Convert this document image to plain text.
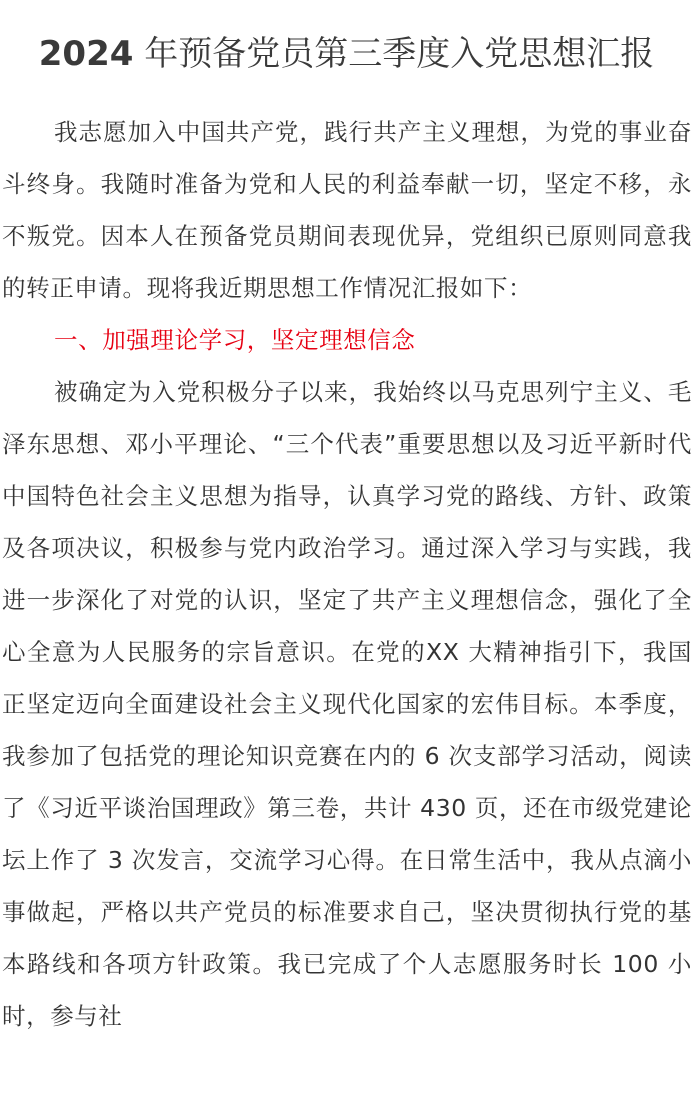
2024 年预备党员第三季度入党思想汇报

我志愿加入中国共产党，践行共产主义理想，为党的事业奋斗终身。我随时准备为党和人民的利益奉献一切，坚定不移，永不叛党。因本人在预备党员期间表现优异，党组织已原则同意我的转正申请。现将我近期思想工作情况汇报如下：

一、加强理论学习，坚定理想信念

被确定为入党积极分子以来，我始终以马克思列宁主义、毛泽东思想、邓小平理论、“三个代表”重要思想以及习近平新时代中国特色社会主义思想为指导，认真学习党的路线、方针、政策及各项决议，积极参与党内政治学习。通过深入学习与实践，我进一步深化了对党的认识，坚定了共产主义理想信念，强化了全心全意为人民服务的宗旨意识。在党的XX 大精神指引下，我国正坚定迈向全面建设社会主义现代化国家的宏伟目标。本季度，我参加了包括党的理论知识竞赛在内的 6 次支部学习活动，阅读了《习近平谈治国理政》第三卷，共计 430 页，还在市级党建论坛上作了 3 次发言，交流学习心得。在日常生活中，我从点滴小事做起，严格以共产党员的标准要求自己，坚决贯彻执行党的基本路线和各项方针政策。我已完成了个人志愿服务时长 100 小时，参与社
